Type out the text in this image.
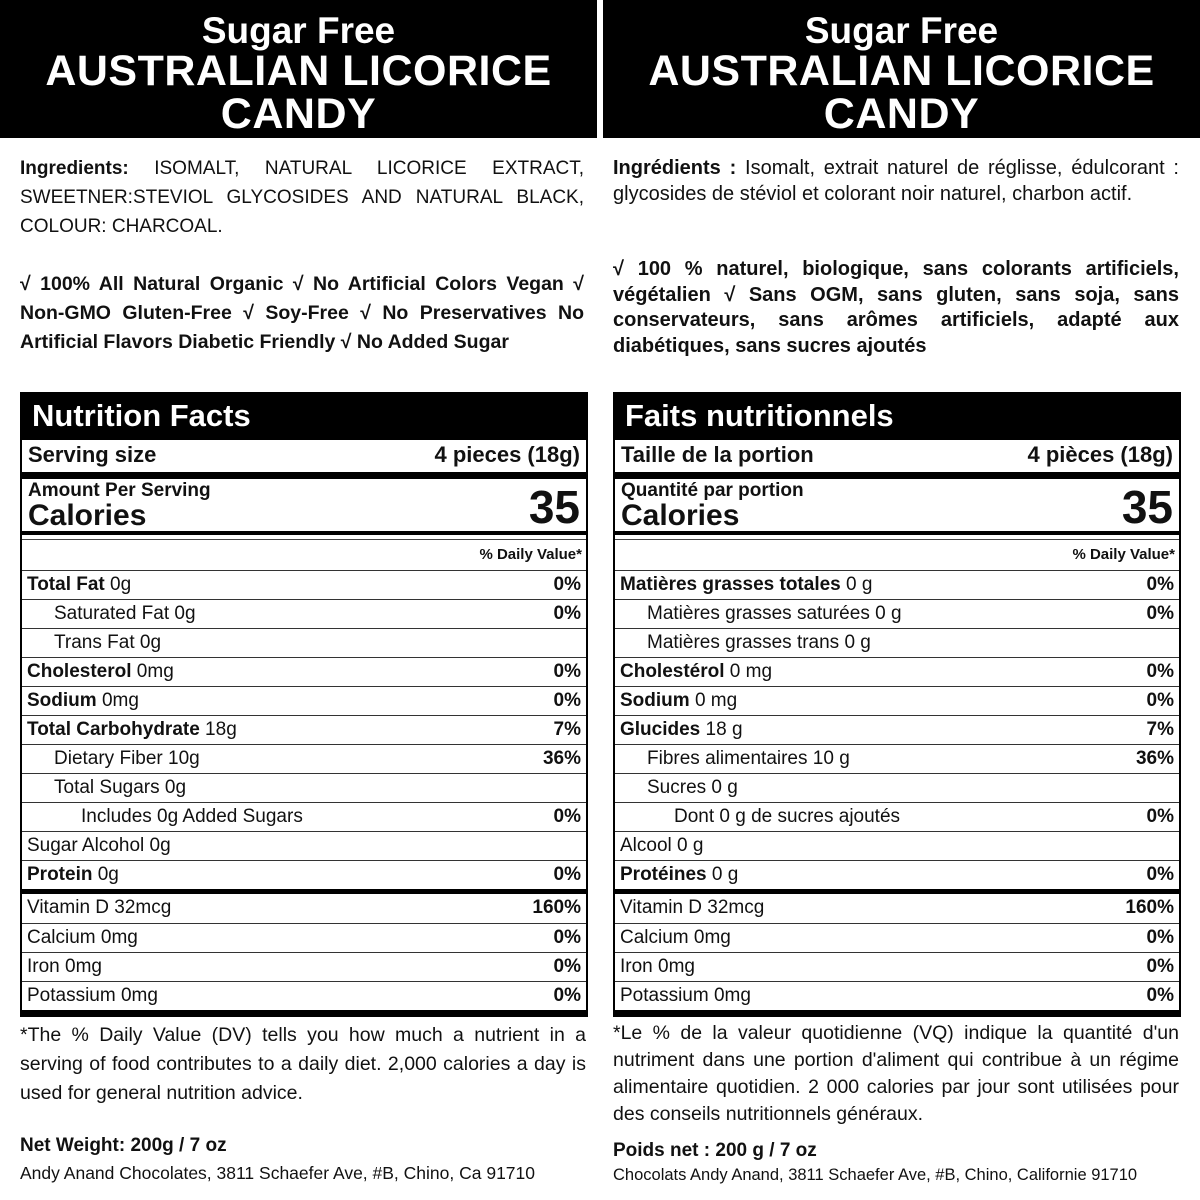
Sugar Free
AUSTRALIAN LICORICE
CANDY
Ingredients: ISOMALT, NATURAL LICORICE EXTRACT, SWEETNER:STEVIOL GLYCOSIDES AND NATURAL BLACK, COLOUR: CHARCOAL.
√ 100% All Natural Organic √ No Artificial Colors Vegan √ Non-GMO Gluten-Free √ Soy-Free √ No Preservatives No Artificial Flavors Diabetic Friendly √ No Added Sugar
Nutrition Facts
Serving size	4 pieces (18g)
Amount Per Serving
Calories	35
% Daily Value*
Total Fat 0g	0%
Saturated Fat 0g	0%
Trans Fat 0g
Cholesterol 0mg	0%
Sodium 0mg	0%
Total Carbohydrate 18g	7%
Dietary Fiber 10g	36%
Total Sugars 0g
Includes 0g Added Sugars	0%
Sugar Alcohol 0g
Protein 0g	0%
Vitamin D 32mcg	160%
Calcium 0mg	0%
Iron 0mg	0%
Potassium 0mg	0%
*The % Daily Value (DV) tells you how much a nutrient in a serving of food contributes to a daily diet. 2,000 calories a day is used for general nutrition advice.
Net Weight: 200g / 7 oz
Andy Anand Chocolates, 3811 Schaefer Ave, #B, Chino, Ca 91710
Sugar Free
AUSTRALIAN LICORICE
CANDY
Ingrédients : Isomalt, extrait naturel de réglisse, édulcorant : glycosides de stéviol et colorant noir naturel, charbon actif.
√ 100 % naturel, biologique, sans colorants artificiels, végétalien √ Sans OGM, sans gluten, sans soja, sans conservateurs, sans arômes artificiels, adapté aux diabétiques, sans sucres ajoutés
Faits nutritionnels
Taille de la portion	4 pièces (18g)
Quantité par portion
Calories	35
% Daily Value*
Matières grasses totales 0 g	0%
Matières grasses saturées 0 g	0%
Matières grasses trans 0 g
Cholestérol 0 mg	0%
Sodium 0 mg	0%
Glucides 18 g	7%
Fibres alimentaires 10 g	36%
Sucres 0 g
Dont 0 g de sucres ajoutés	0%
Alcool 0 g
Protéines 0 g	0%
Vitamin D 32mcg	160%
Calcium 0mg	0%
Iron 0mg	0%
Potassium 0mg	0%
*Le % de la valeur quotidienne (VQ) indique la quantité d'un nutriment dans une portion d'aliment qui contribue à un régime alimentaire quotidien. 2 000 calories par jour sont utilisées pour des conseils nutritionnels généraux.
Poids net : 200 g / 7 oz
Chocolats Andy Anand, 3811 Schaefer Ave, #B, Chino, Californie 91710
